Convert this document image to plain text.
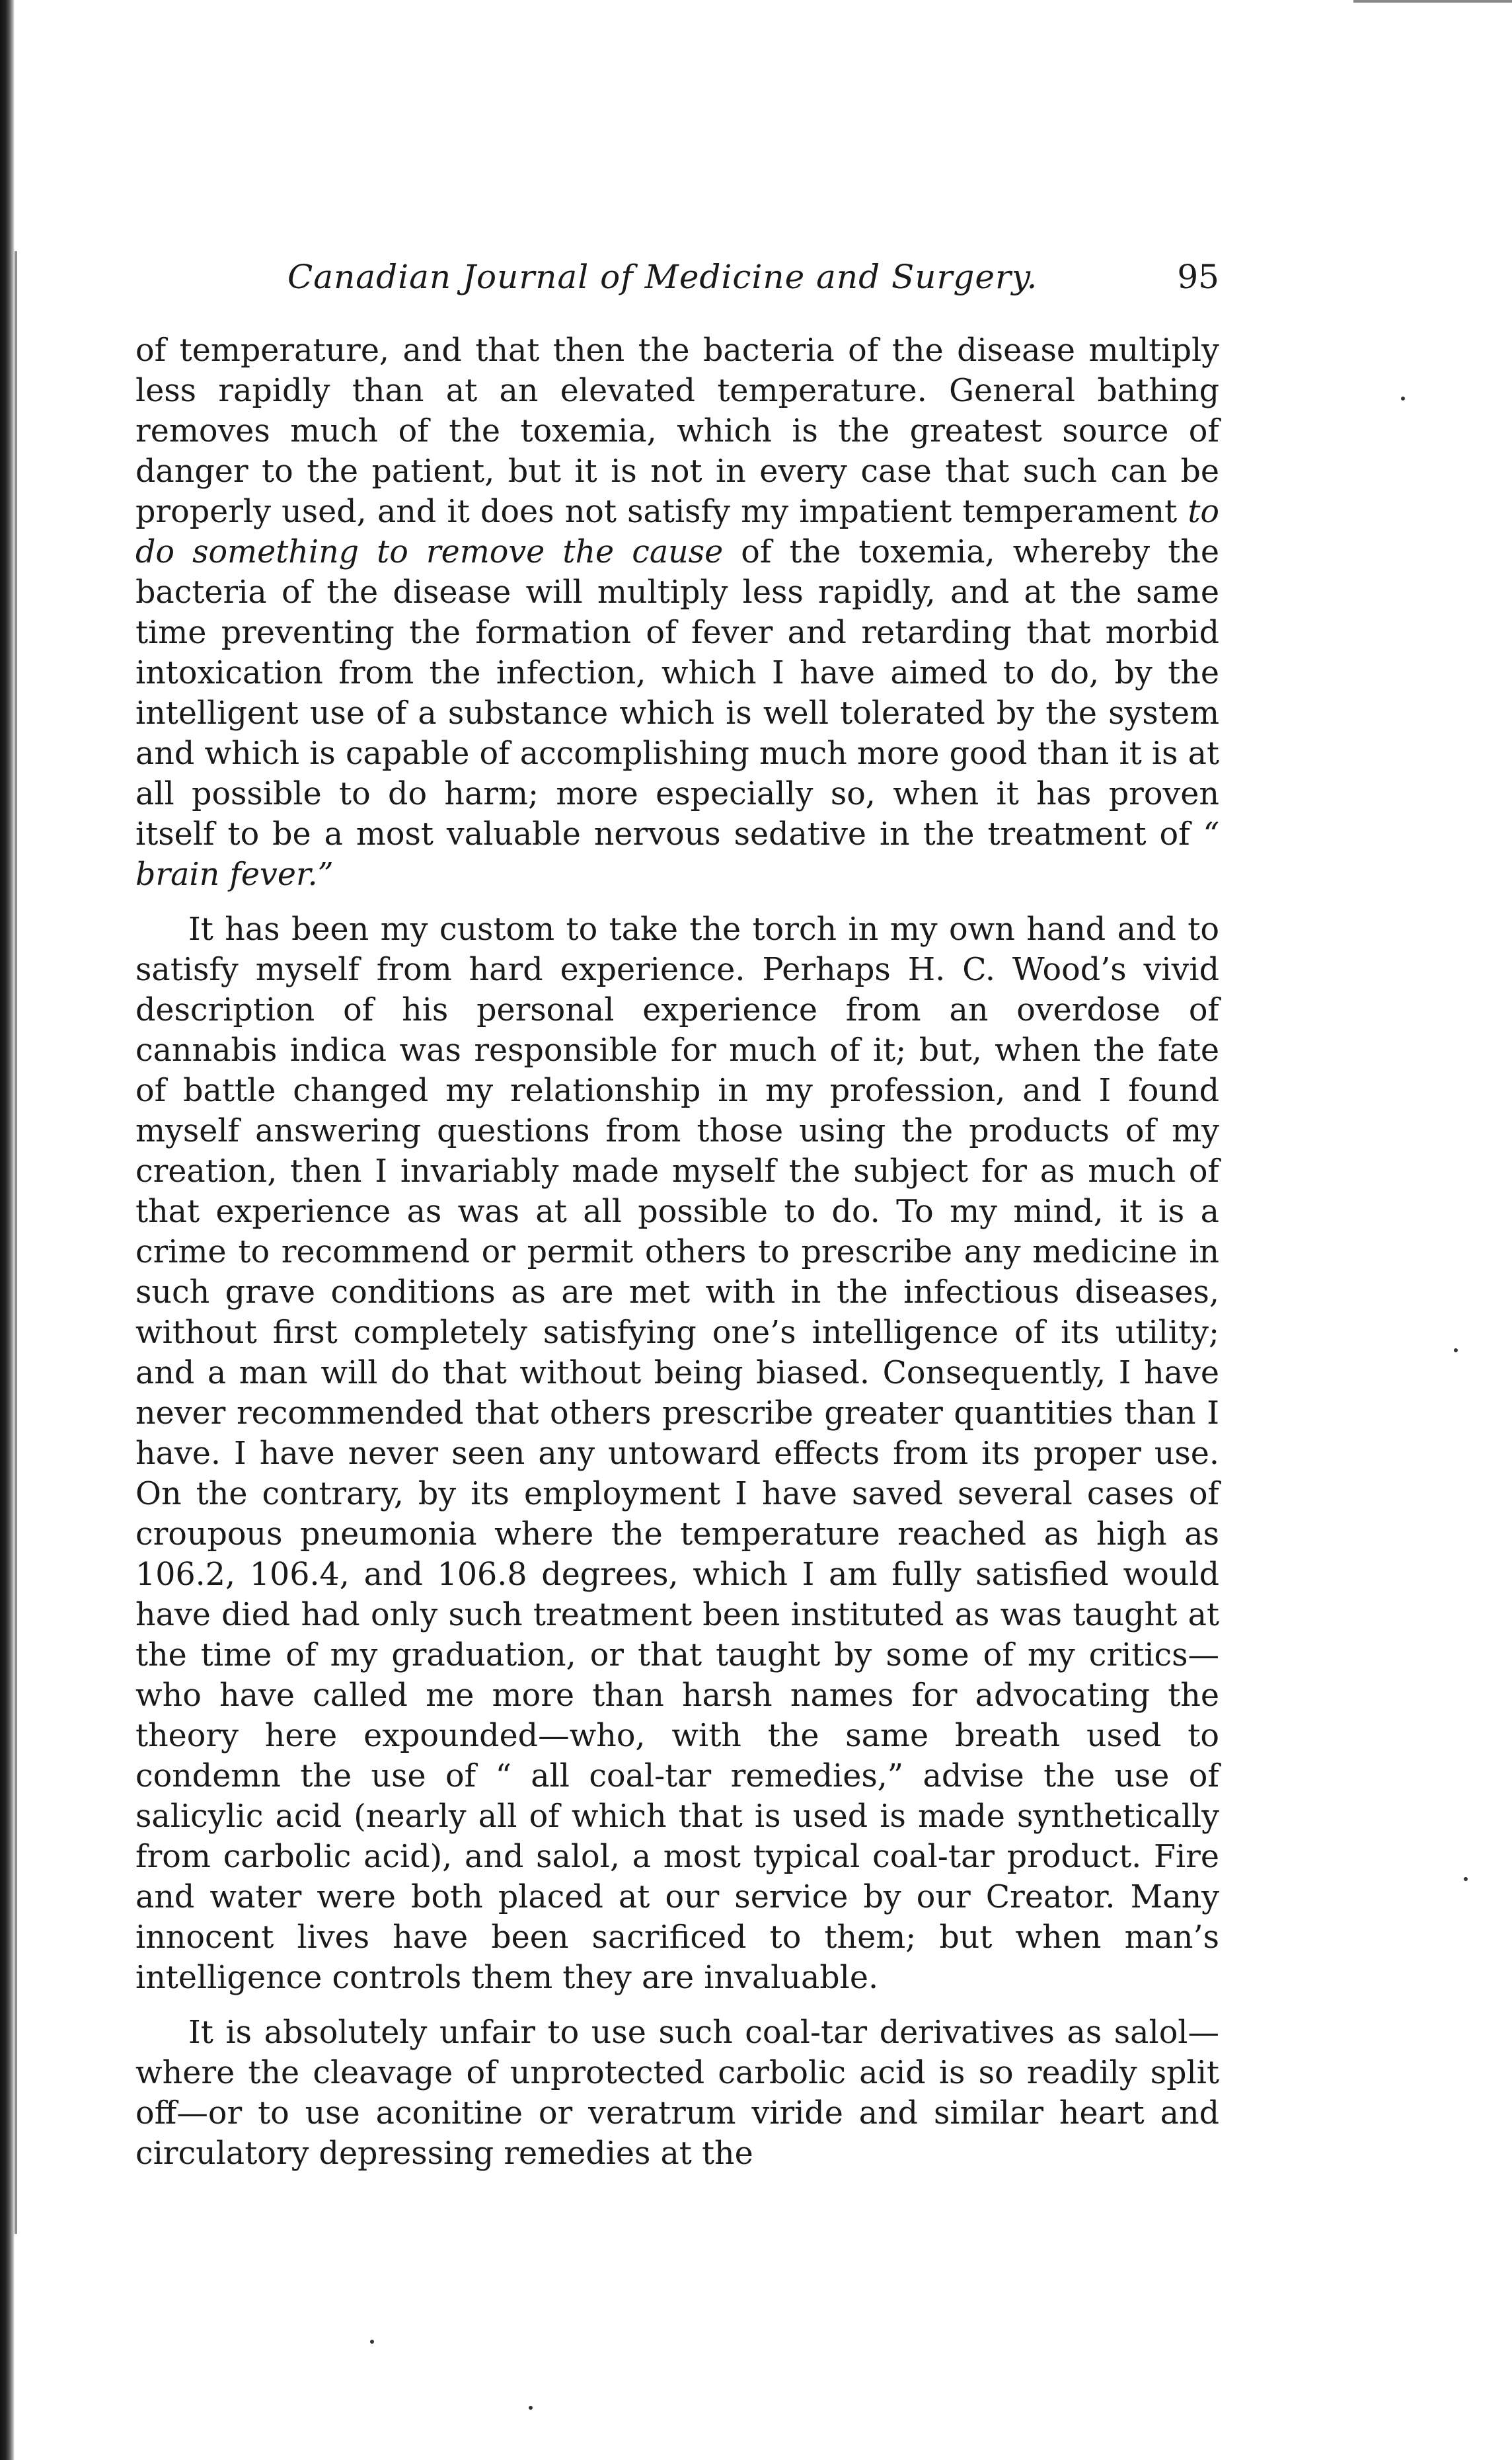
Canadian Journal of Medicine and Surgery.	95

of temperature, and that then the bacteria of the disease multiply less rapidly than at an elevated temperature. General bathing removes much of the toxemia, which is the greatest source of danger to the patient, but it is not in every case that such can be properly used, and it does not satisfy my impatient temperament to do something to remove the cause of the toxemia, whereby the bacteria of the disease will multiply less rapidly, and at the same time preventing the formation of fever and retarding that morbid intoxication from the infection, which I have aimed to do, by the intelligent use of a substance which is well tolerated by the system and which is capable of accomplishing much more good than it is at all possible to do harm; more especially so, when it has proven itself to be a most valuable nervous sedative in the treatment of “ brain fever.”

It has been my custom to take the torch in my own hand and to satisfy myself from hard experience. Perhaps H. C. Wood’s vivid description of his personal experience from an overdose of cannabis indica was responsible for much of it; but, when the fate of battle changed my relationship in my profession, and I found myself answering questions from those using the products of my creation, then I invariably made myself the subject for as much of that experience as was at all possible to do. To my mind, it is a crime to recommend or permit others to prescribe any medicine in such grave conditions as are met with in the infectious diseases, without first completely satisfying one’s intelligence of its utility; and a man will do that without being biased. Consequently, I have never recommended that others prescribe greater quantities than I have. I have never seen any untoward effects from its proper use. On the contrary, by its employment I have saved several cases of croupous pneumonia where the temperature reached as high as 106.2, 106.4, and 106.8 degrees, which I am fully satisfied would have died had only such treatment been instituted as was taught at the time of my graduation, or that taught by some of my critics—who have called me more than harsh names for advocating the theory here expounded—who, with the same breath used to condemn the use of “ all coal-tar remedies,” advise the use of salicylic acid (nearly all of which that is used is made synthetically from carbolic acid), and salol, a most typical coal-tar product. Fire and water were both placed at our service by our Creator. Many innocent lives have been sacrificed to them; but when man’s intelligence controls them they are invaluable.

It is absolutely unfair to use such coal-tar derivatives as salol—where the cleavage of unprotected carbolic acid is so readily split off—or to use aconitine or veratrum viride and similar heart and circulatory depressing remedies at the
